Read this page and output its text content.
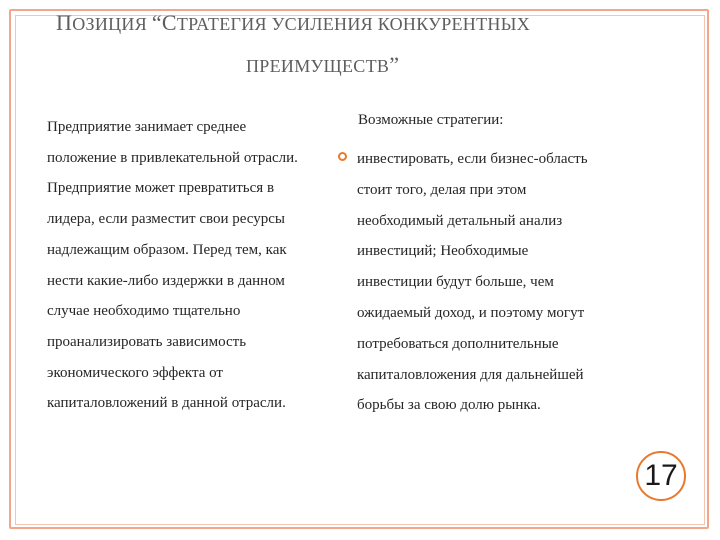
ПОЗИЦИЯ “СТРАТЕГИЯ УСИЛЕНИЯ КОНКУРЕНТНЫХ
ПРЕИМУЩЕСТВ”
Предприятие занимает среднее
положение в привлекательной отрасли.
Предприятие может превратиться в
лидера, если разместит свои ресурсы
надлежащим образом. Перед тем, как
нести какие-либо издержки в данном
случае необходимо тщательно
проанализировать зависимость
экономического эффекта от
капиталовложений в данной отрасли.
Возможные стратегии:
инвестировать, если бизнес-область
стоит того, делая при этом
необходимый детальный анализ
инвестиций; Необходимые
инвестиции будут больше, чем
ожидаемый доход, и поэтому могут
потребоваться дополнительные
капиталовложения для дальнейшей
борьбы за свою долю рынка.
17
